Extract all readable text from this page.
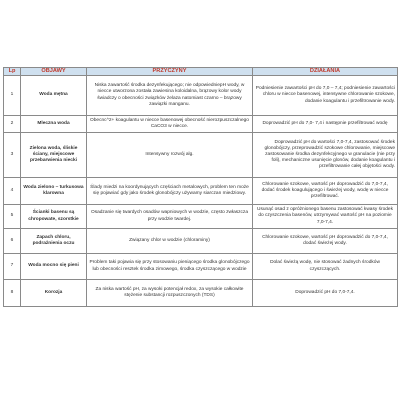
Lp	OBJAWY	PRZYCZYNY	DZIAŁANIA
1	Woda mętna	Niska zawartość środka dezynfekującego; nie odpowiedniepH wody, w niecce utworzona została zawiesina koloidalna, brązowy kolor wody świadczy o obecności związków żelaza natomiast czarno – brązowy zawiązki manganu.	Podniesienie zawartości pH do 7,0 – 7,4; podniesienie zawartości chloru w niecce basenowej, intensywne chlorowanie szokowe, dodanie koagulantu i przefiltrowanie wody.
2	Mleczna woda	Obecnc^2+ koagulantu w niecce basenowej obecność nierozpuszczalnego CaCO3 w niecce.	Doprowadzić pH do 7,0- 7,4 i następnie przefiltrować wodę
3	Zielona woda, śliskie ściany, miejscowe przebarwienia niecki	Intensywny rozwój alg.	Doprowadzić pH do wartości 7,0-7,4, zastosować środek glonobójczy, przeprowadzić szokowe chlorowanie, miejscowe zastosowanie środka dezynfekcyjnego w granulacie (nie przy foli), mechaniczne usunięcie glonów, dodanie koagulantu i przefiltrowanie całej objętości wody.
4	Woda zielono – turkusowa klarowna	Ślady miedzi na koordynujących częściach metalowych, problem ten może się pojawiać gdy jako środek glonobójczy używamy siarczan miedziowy.	Chlorowanie szokowe, wartość pH doprowadzić do 7,0-7,4, dodać środek koagulującego i świeżej wody, wodę w niecce przefiltrować.
5	Ścianki basenu są chropowate, szorstkie	Osadzanie się twardych osadów wapniowych w wodzie, często zwłaszcza przy wodzie twardej.	Usunąć osad z opróżnionego basenu zastosować kwasy środek do czyszczenia basenów, utrzymywać wartość pH na poziomie 7,0-7,4.
6	Zapach chloru, podrażnienia oczu	Związany chlor w wodzie (chloraminy)	Chlorowanie szokowe, wartość pH doprowadzić do 7,0-7,4, dodać świeżej wody.
7	Woda mocno się pieni	Problem taki pojawia się przy stosowaniu pieniącego środka glonobójczego lub obecności resztek środka zimowego, środka czyszczącego w wodzie	Dolać świeżą wodę, nie stosować żadnych środków czyszczących.
8	Korozja	Za niska wartość pH, za wysoki potencjał redox, za wysokie całkowite stężenie substancji rozpuszczonych (TDS)	Doprowadzić pH do 7,0-7,4.
